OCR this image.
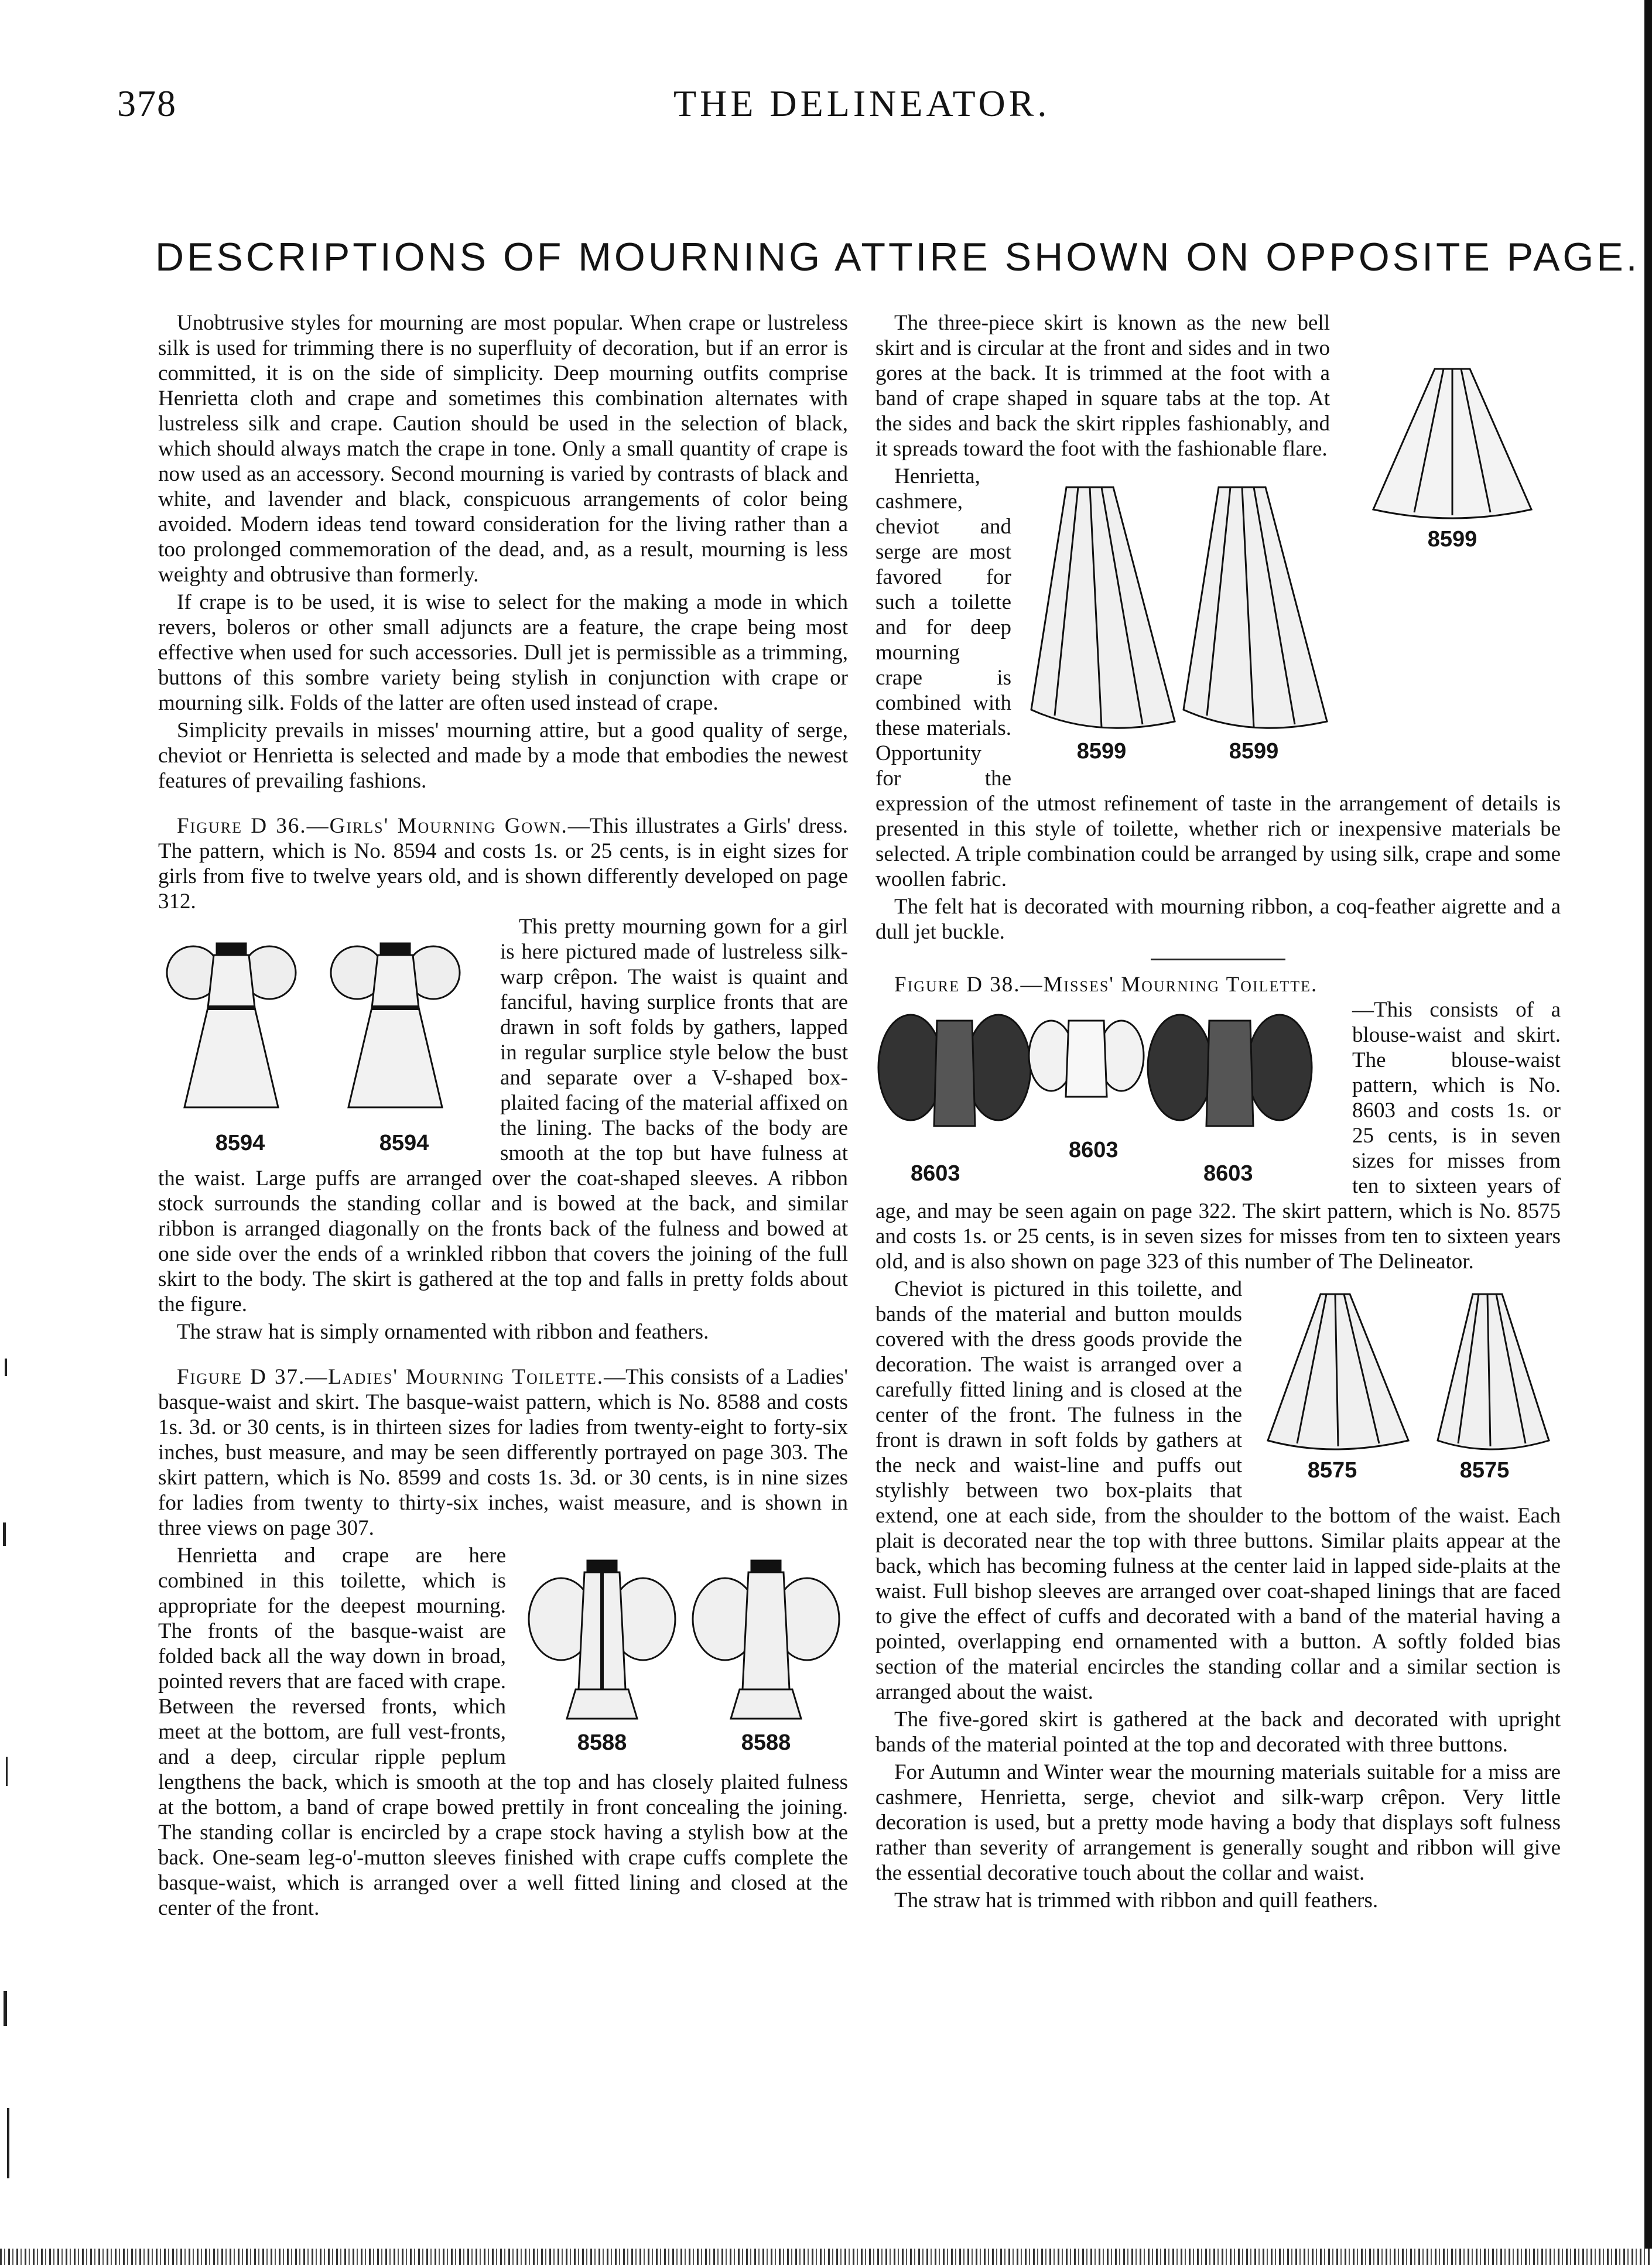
378	THE DELINEATOR.
DESCRIPTIONS OF MOURNING ATTIRE SHOWN ON OPPOSITE PAGE.

Unobtrusive styles for mourning are most popular. When crape or lustreless silk is used for trimming there is no superfluity of decoration, but if an error is committed, it is on the side of simplicity. Deep mourning outfits comprise Henrietta cloth and crape and sometimes this combination alternates with lustreless silk and crape. Caution should be used in the selection of black, which should always match the crape in tone. Only a small quantity of crape is now used as an accessory. Second mourning is varied by contrasts of black and white, and lavender and black, conspicuous arrangements of color being avoided. Modern ideas tend toward consideration for the living rather than a too prolonged commemoration of the dead, and, as a result, mourning is less weighty and obtrusive than formerly.

If crape is to be used, it is wise to select for the making a mode in which revers, boleros or other small adjuncts are a feature, the crape being most effective when used for such accessories. Dull jet is permissible as a trimming, buttons of this sombre variety being stylish in conjunction with crape or mourning silk. Folds of the latter are often used instead of crape.

Simplicity prevails in misses' mourning attire, but a good quality of serge, cheviot or Henrietta is selected and made by a mode that embodies the newest features of prevailing fashions.

Figure D 36.—Girls' Mourning Gown.—This illustrates a Girls' dress. The pattern, which is No. 8594 and costs 1s. or 25 cents, is in eight sizes for girls from five to twelve years old, and is shown differently developed on page 312.

8594	8594

This pretty mourning gown for a girl is here pictured made of lustreless silk-warp crêpon. The waist is quaint and fanciful, having surplice fronts that are drawn in soft folds by gathers, lapped in regular surplice style below the bust and separate over a V-shaped box-plaited facing of the material affixed on the lining. The backs of the body are smooth at the top but have fulness at the waist. Large puffs are arranged over the coat-shaped sleeves. A ribbon stock surrounds the standing collar and is bowed at the back, and similar ribbon is arranged diagonally on the fronts back of the fulness and bowed at one side over the ends of a wrinkled ribbon that covers the joining of the full skirt to the body. The skirt is gathered at the top and falls in pretty folds about the figure.

The straw hat is simply ornamented with ribbon and feathers.

Figure D 37.—Ladies' Mourning Toilette.—This consists of a Ladies' basque-waist and skirt. The basque-waist pattern, which is No. 8588 and costs 1s. 3d. or 30 cents, is in thirteen sizes for ladies from twenty-eight to forty-six inches, bust measure, and may be seen differently portrayed on page 303. The skirt pattern, which is No. 8599 and costs 1s. 3d. or 30 cents, is in nine sizes for ladies from twenty to thirty-six inches, waist measure, and is shown in three views on page 307.

8588	8588

Henrietta and crape are here combined in this toilette, which is appropriate for the deepest mourning. The fronts of the basque-waist are folded back all the way down in broad, pointed revers that are faced with crape. Between the reversed fronts, which meet at the bottom, are full vest-fronts, and a deep, circular ripple peplum lengthens the back, which is smooth at the top and has closely plaited fulness at the bottom, a band of crape bowed prettily in front concealing the joining. The standing collar is encircled by a crape stock having a stylish bow at the back. One-seam leg-o'-mutton sleeves finished with crape cuffs complete the basque-waist, which is arranged over a well fitted lining and closed at the center of the front.

8599

The three-piece skirt is known as the new bell skirt and is circular at the front and sides and in two gores at the back. It is trimmed at the foot with a band of crape shaped in square tabs at the top. At the sides and back the skirt ripples fashionably, and it spreads toward the foot with the fashionable flare.

8599	8599

Henrietta, cashmere, cheviot and serge are most favored for such a toilette and for deep mourning crape is combined with these materials. Opportunity for the expression of the utmost refinement of taste in the arrangement of details is presented in this style of toilette, whether rich or inexpensive materials be selected. A triple combination could be arranged by using silk, crape and some woollen fabric.

The felt hat is decorated with mourning ribbon, a coq-feather aigrette and a dull jet buckle.

Figure D 38.—Misses' Mourning Toilette.

8603
8603
8603

—This consists of a blouse-waist and skirt. The blouse-waist pattern, which is No. 8603 and costs 1s. or 25 cents, is in seven sizes for misses from ten to sixteen years of age, and may be seen again on page 322. The skirt pattern, which is No. 8575 and costs 1s. or 25 cents, is in seven sizes for misses from ten to sixteen years old, and is also shown on page 323 of this number of The Delineator.

8575	8575

Cheviot is pictured in this toilette, and bands of the material and button moulds covered with the dress goods provide the decoration. The waist is arranged over a carefully fitted lining and is closed at the center of the front. The fulness in the front is drawn in soft folds by gathers at the neck and waist-line and puffs out stylishly between two box-plaits that extend, one at each side, from the shoulder to the bottom of the waist. Each plait is decorated near the top with three buttons. Similar plaits appear at the back, which has becoming fulness at the center laid in lapped side-plaits at the waist. Full bishop sleeves are arranged over coat-shaped linings that are faced to give the effect of cuffs and decorated with a band of the material having a pointed, overlapping end ornamented with a button. A softly folded bias section of the material encircles the standing collar and a similar section is arranged about the waist.

The five-gored skirt is gathered at the back and decorated with upright bands of the material pointed at the top and decorated with three buttons.

For Autumn and Winter wear the mourning materials suitable for a miss are cashmere, Henrietta, serge, cheviot and silk-warp crêpon. Very little decoration is used, but a pretty mode having a body that displays soft fulness rather than severity of arrangement is generally sought and ribbon will give the essential decorative touch about the collar and waist.

The straw hat is trimmed with ribbon and quill feathers.
